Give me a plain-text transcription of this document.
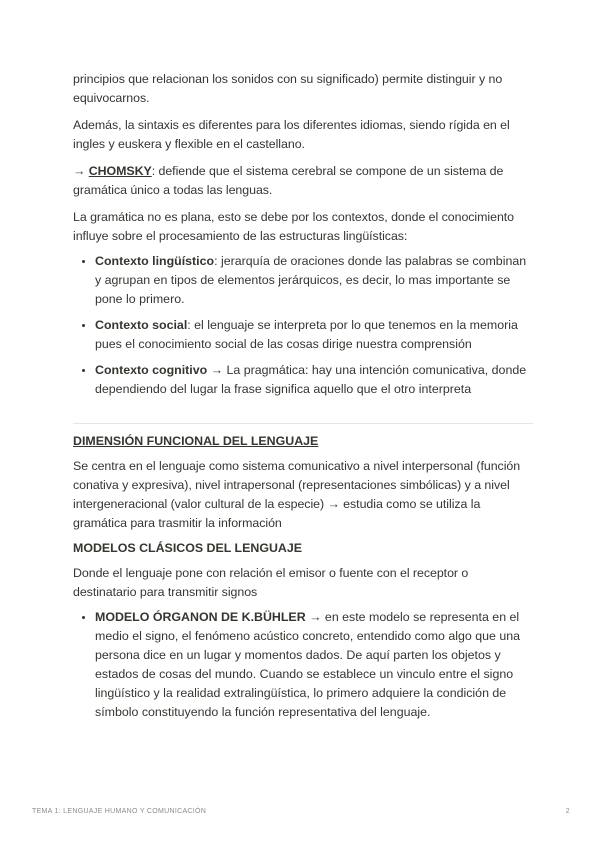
principios que relacionan los sonidos con su significado) permite distinguir y no equivocarnos.

Además, la sintaxis es diferentes para los diferentes idiomas, siendo rígida en el ingles y euskera y flexible en el castellano.

→ CHOMSKY: defiende que el sistema cerebral se compone de un sistema de gramática único a todas las lenguas.

La gramática no es plana, esto se debe por los contextos, donde el conocimiento influye sobre el procesamiento de las estructuras lingüísticas:

• Contexto lingüístico: jerarquía de oraciones donde las palabras se combinan y agrupan en tipos de elementos jerárquicos, es decir, lo mas importante se pone lo primero.
• Contexto social: el lenguaje se interpreta por lo que tenemos en la memoria pues el conocimiento social de las cosas dirige nuestra comprensión
• Contexto cognitivo → La pragmática: hay una intención comunicativa, donde dependiendo del lugar la frase significa aquello que el otro interpreta
DIMENSIÓN FUNCIONAL DEL LENGUAJE

Se centra en el lenguaje como sistema comunicativo a nivel interpersonal (función conativa y expresiva), nivel intrapersonal (representaciones simbólicas) y a nivel intergeneracional (valor cultural de la especie) → estudia como se utiliza la gramática para trasmitir la información

MODELOS CLÁSICOS DEL LENGUAJE

Donde el lenguaje pone con relación el emisor o fuente con el receptor o destinatario para transmitir signos

• MODELO ÓRGANON DE K.BÜHLER → en este modelo se representa en el medio el signo, el fenómeno acústico concreto, entendido como algo que una persona dice en un lugar y momentos dados. De aquí parten los objetos y estados de cosas del mundo. Cuando se establece un vinculo entre el signo lingüístico y la realidad extralingüística, lo primero adquiere la condición de símbolo constituyendo la función representativa del lenguaje.
TEMA 1: LENGUAJE HUMANO Y COMUNICACIÓN	2
